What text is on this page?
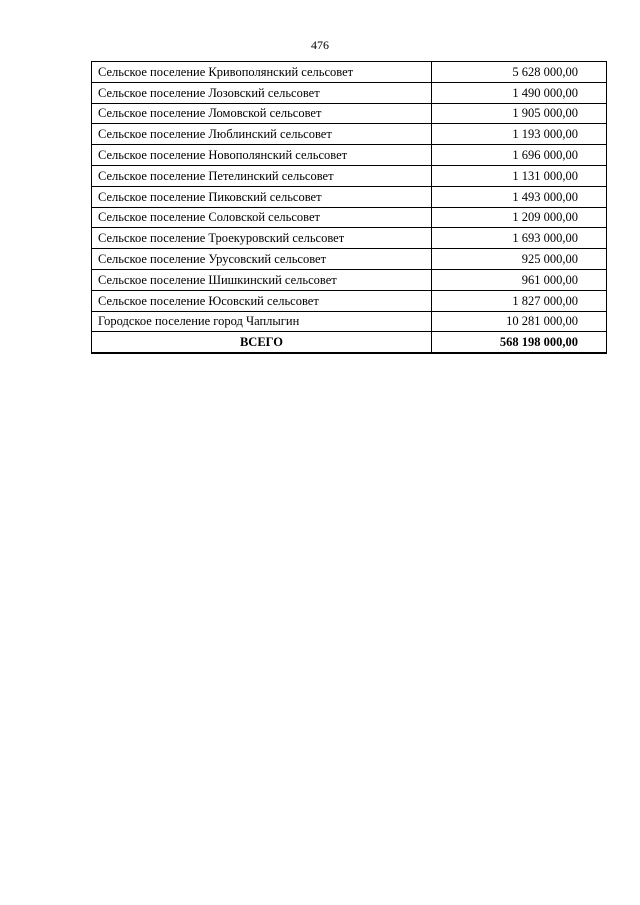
476
Сельское поселение Кривополянский сельсовет	5 628 000,00
Сельское поселение Лозовский сельсовет	1 490 000,00
Сельское поселение Ломовской сельсовет	1 905 000,00
Сельское поселение Люблинский сельсовет	1 193 000,00
Сельское поселение Новополянский сельсовет	1 696 000,00
Сельское поселение Петелинский сельсовет	1 131 000,00
Сельское поселение Пиковский сельсовет	1 493 000,00
Сельское поселение Соловской сельсовет	1 209 000,00
Сельское поселение Троекуровский сельсовет	1 693 000,00
Сельское поселение Урусовский сельсовет	925 000,00
Сельское поселение Шишкинский сельсовет	961 000,00
Сельское поселение Юсовский сельсовет	1 827 000,00
Городское поселение город Чаплыгин	10 281 000,00
ВСЕГО	568 198 000,00
